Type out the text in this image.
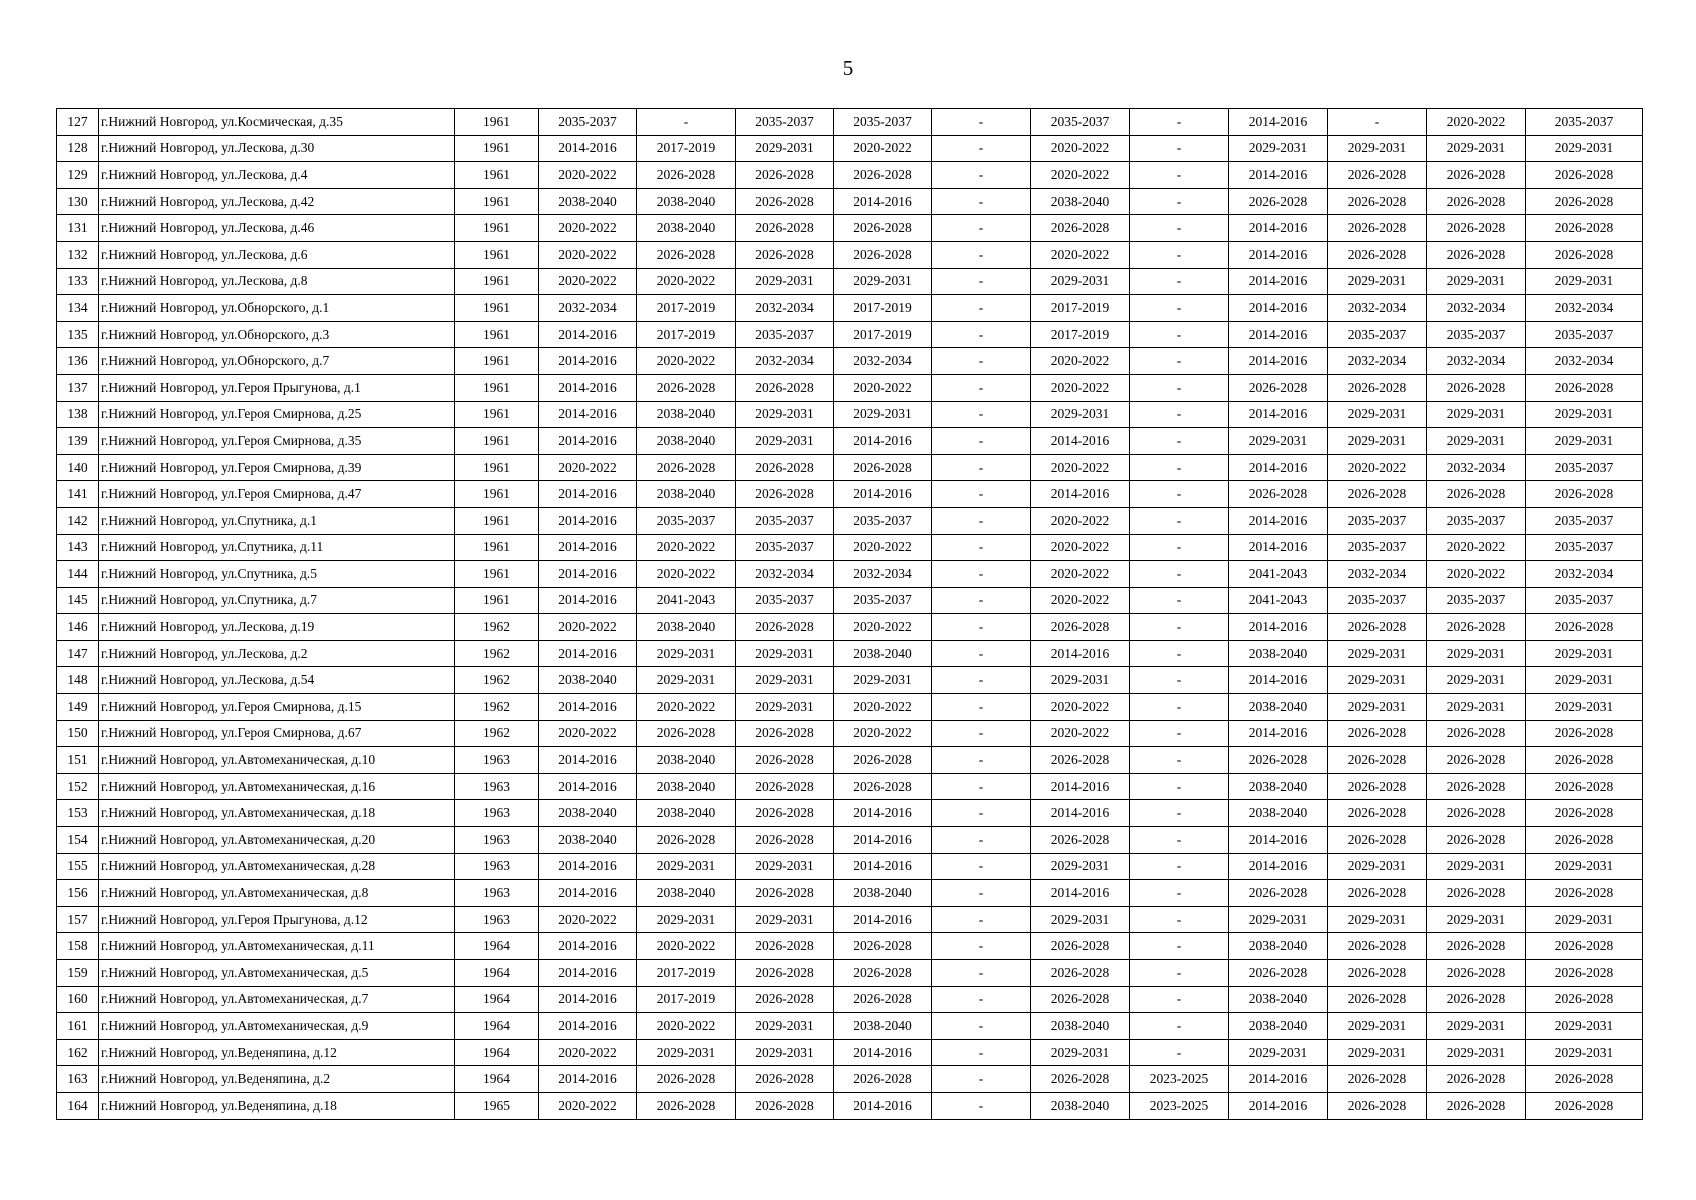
5
127	г.Нижний Новгород, ул.Космическая, д.35	1961	2035-2037	-	2035-2037	2035-2037	-	2035-2037	-	2014-2016	-	2020-2022	2035-2037
128	г.Нижний Новгород, ул.Лескова, д.30	1961	2014-2016	2017-2019	2029-2031	2020-2022	-	2020-2022	-	2029-2031	2029-2031	2029-2031	2029-2031
129	г.Нижний Новгород, ул.Лескова, д.4	1961	2020-2022	2026-2028	2026-2028	2026-2028	-	2020-2022	-	2014-2016	2026-2028	2026-2028	2026-2028
130	г.Нижний Новгород, ул.Лескова, д.42	1961	2038-2040	2038-2040	2026-2028	2014-2016	-	2038-2040	-	2026-2028	2026-2028	2026-2028	2026-2028
131	г.Нижний Новгород, ул.Лескова, д.46	1961	2020-2022	2038-2040	2026-2028	2026-2028	-	2026-2028	-	2014-2016	2026-2028	2026-2028	2026-2028
132	г.Нижний Новгород, ул.Лескова, д.6	1961	2020-2022	2026-2028	2026-2028	2026-2028	-	2020-2022	-	2014-2016	2026-2028	2026-2028	2026-2028
133	г.Нижний Новгород, ул.Лескова, д.8	1961	2020-2022	2020-2022	2029-2031	2029-2031	-	2029-2031	-	2014-2016	2029-2031	2029-2031	2029-2031
134	г.Нижний Новгород, ул.Обнорского, д.1	1961	2032-2034	2017-2019	2032-2034	2017-2019	-	2017-2019	-	2014-2016	2032-2034	2032-2034	2032-2034
135	г.Нижний Новгород, ул.Обнорского, д.3	1961	2014-2016	2017-2019	2035-2037	2017-2019	-	2017-2019	-	2014-2016	2035-2037	2035-2037	2035-2037
136	г.Нижний Новгород, ул.Обнорского, д.7	1961	2014-2016	2020-2022	2032-2034	2032-2034	-	2020-2022	-	2014-2016	2032-2034	2032-2034	2032-2034
137	г.Нижний Новгород, ул.Героя Прыгунова, д.1	1961	2014-2016	2026-2028	2026-2028	2020-2022	-	2020-2022	-	2026-2028	2026-2028	2026-2028	2026-2028
138	г.Нижний Новгород, ул.Героя Смирнова, д.25	1961	2014-2016	2038-2040	2029-2031	2029-2031	-	2029-2031	-	2014-2016	2029-2031	2029-2031	2029-2031
139	г.Нижний Новгород, ул.Героя Смирнова, д.35	1961	2014-2016	2038-2040	2029-2031	2014-2016	-	2014-2016	-	2029-2031	2029-2031	2029-2031	2029-2031
140	г.Нижний Новгород, ул.Героя Смирнова, д.39	1961	2020-2022	2026-2028	2026-2028	2026-2028	-	2020-2022	-	2014-2016	2020-2022	2032-2034	2035-2037
141	г.Нижний Новгород, ул.Героя Смирнова, д.47	1961	2014-2016	2038-2040	2026-2028	2014-2016	-	2014-2016	-	2026-2028	2026-2028	2026-2028	2026-2028
142	г.Нижний Новгород, ул.Спутника, д.1	1961	2014-2016	2035-2037	2035-2037	2035-2037	-	2020-2022	-	2014-2016	2035-2037	2035-2037	2035-2037
143	г.Нижний Новгород, ул.Спутника, д.11	1961	2014-2016	2020-2022	2035-2037	2020-2022	-	2020-2022	-	2014-2016	2035-2037	2020-2022	2035-2037
144	г.Нижний Новгород, ул.Спутника, д.5	1961	2014-2016	2020-2022	2032-2034	2032-2034	-	2020-2022	-	2041-2043	2032-2034	2020-2022	2032-2034
145	г.Нижний Новгород, ул.Спутника, д.7	1961	2014-2016	2041-2043	2035-2037	2035-2037	-	2020-2022	-	2041-2043	2035-2037	2035-2037	2035-2037
146	г.Нижний Новгород, ул.Лескова, д.19	1962	2020-2022	2038-2040	2026-2028	2020-2022	-	2026-2028	-	2014-2016	2026-2028	2026-2028	2026-2028
147	г.Нижний Новгород, ул.Лескова, д.2	1962	2014-2016	2029-2031	2029-2031	2038-2040	-	2014-2016	-	2038-2040	2029-2031	2029-2031	2029-2031
148	г.Нижний Новгород, ул.Лескова, д.54	1962	2038-2040	2029-2031	2029-2031	2029-2031	-	2029-2031	-	2014-2016	2029-2031	2029-2031	2029-2031
149	г.Нижний Новгород, ул.Героя Смирнова, д.15	1962	2014-2016	2020-2022	2029-2031	2020-2022	-	2020-2022	-	2038-2040	2029-2031	2029-2031	2029-2031
150	г.Нижний Новгород, ул.Героя Смирнова, д.67	1962	2020-2022	2026-2028	2026-2028	2020-2022	-	2020-2022	-	2014-2016	2026-2028	2026-2028	2026-2028
151	г.Нижний Новгород, ул.Автомеханическая, д.10	1963	2014-2016	2038-2040	2026-2028	2026-2028	-	2026-2028	-	2026-2028	2026-2028	2026-2028	2026-2028
152	г.Нижний Новгород, ул.Автомеханическая, д.16	1963	2014-2016	2038-2040	2026-2028	2026-2028	-	2014-2016	-	2038-2040	2026-2028	2026-2028	2026-2028
153	г.Нижний Новгород, ул.Автомеханическая, д.18	1963	2038-2040	2038-2040	2026-2028	2014-2016	-	2014-2016	-	2038-2040	2026-2028	2026-2028	2026-2028
154	г.Нижний Новгород, ул.Автомеханическая, д.20	1963	2038-2040	2026-2028	2026-2028	2014-2016	-	2026-2028	-	2014-2016	2026-2028	2026-2028	2026-2028
155	г.Нижний Новгород, ул.Автомеханическая, д.28	1963	2014-2016	2029-2031	2029-2031	2014-2016	-	2029-2031	-	2014-2016	2029-2031	2029-2031	2029-2031
156	г.Нижний Новгород, ул.Автомеханическая, д.8	1963	2014-2016	2038-2040	2026-2028	2038-2040	-	2014-2016	-	2026-2028	2026-2028	2026-2028	2026-2028
157	г.Нижний Новгород, ул.Героя Прыгунова, д.12	1963	2020-2022	2029-2031	2029-2031	2014-2016	-	2029-2031	-	2029-2031	2029-2031	2029-2031	2029-2031
158	г.Нижний Новгород, ул.Автомеханическая, д.11	1964	2014-2016	2020-2022	2026-2028	2026-2028	-	2026-2028	-	2038-2040	2026-2028	2026-2028	2026-2028
159	г.Нижний Новгород, ул.Автомеханическая, д.5	1964	2014-2016	2017-2019	2026-2028	2026-2028	-	2026-2028	-	2026-2028	2026-2028	2026-2028	2026-2028
160	г.Нижний Новгород, ул.Автомеханическая, д.7	1964	2014-2016	2017-2019	2026-2028	2026-2028	-	2026-2028	-	2038-2040	2026-2028	2026-2028	2026-2028
161	г.Нижний Новгород, ул.Автомеханическая, д.9	1964	2014-2016	2020-2022	2029-2031	2038-2040	-	2038-2040	-	2038-2040	2029-2031	2029-2031	2029-2031
162	г.Нижний Новгород, ул.Веденяпина, д.12	1964	2020-2022	2029-2031	2029-2031	2014-2016	-	2029-2031	-	2029-2031	2029-2031	2029-2031	2029-2031
163	г.Нижний Новгород, ул.Веденяпина, д.2	1964	2014-2016	2026-2028	2026-2028	2026-2028	-	2026-2028	2023-2025	2014-2016	2026-2028	2026-2028	2026-2028
164	г.Нижний Новгород, ул.Веденяпина, д.18	1965	2020-2022	2026-2028	2026-2028	2014-2016	-	2038-2040	2023-2025	2014-2016	2026-2028	2026-2028	2026-2028
